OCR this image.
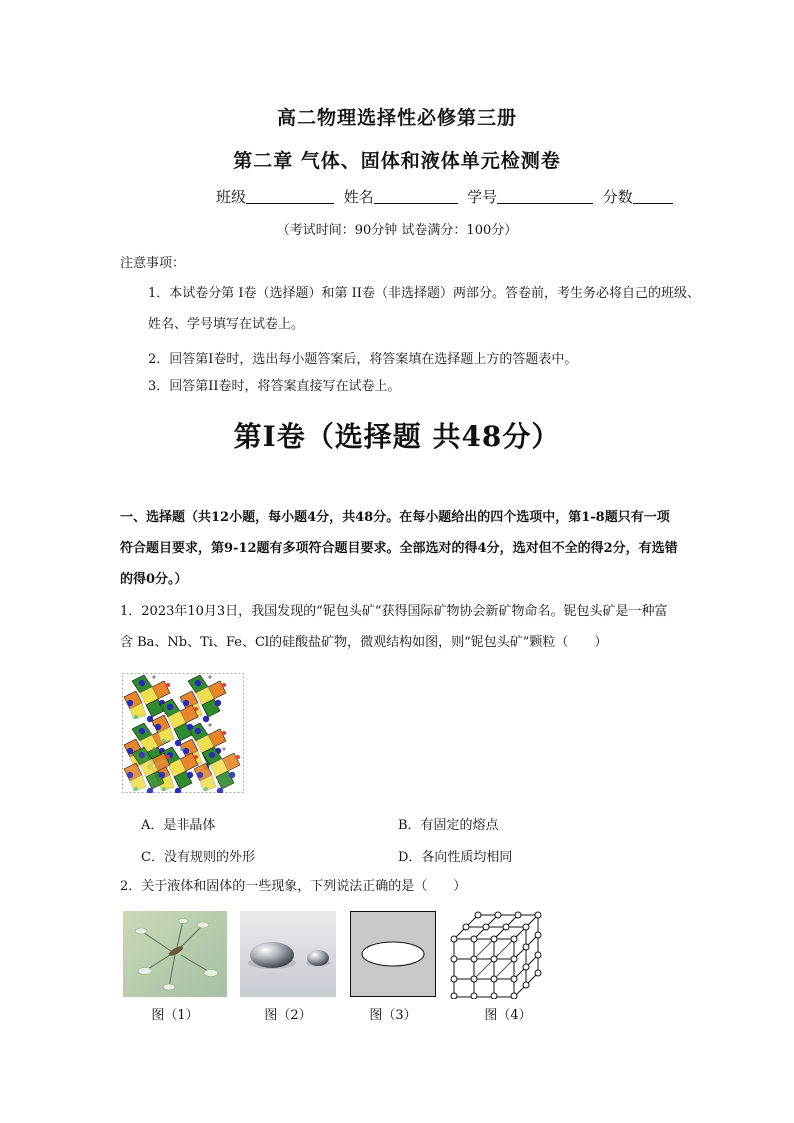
高二物理选择性必修第三册
第二章 气体、固体和液体单元检测卷
班级	姓名	学号	分数
（考试时间：90分钟 试卷满分：100分）
注意事项：
1．本试卷分第 I卷（选择题）和第 II卷（非选择题）两部分。答卷前，考生务必将自己的班级、姓名、学号填写在试卷上。
2．回答第I卷时，选出每小题答案后，将答案填在选择题上方的答题表中。
3．回答第II卷时，将答案直接写在试卷上。
第Ⅰ卷（选择题 共48分）
一、选择题（共12小题，每小题4分，共48分。在每小题给出的四个选项中，第1-8题只有一项符合题目要求，第9-12题有多项符合题目要求。全部选对的得4分，选对但不全的得2分，有选错的得0分。）
1．2023年10月3日，我国发现的“铌包头矿”获得国际矿物协会新矿物命名。铌包头矿是一种富含 Ba、Nb、Ti、Fe、Cl的硅酸盐矿物，微观结构如图，则“铌包头矿”颗粒（　　）
A．是非晶体	B．有固定的熔点
C．没有规则的外形	D．各向性质均相同
2．关于液体和固体的一些现象，下列说法正确的是（　　）
图（1）	图（2）	图（3）	图（4）
